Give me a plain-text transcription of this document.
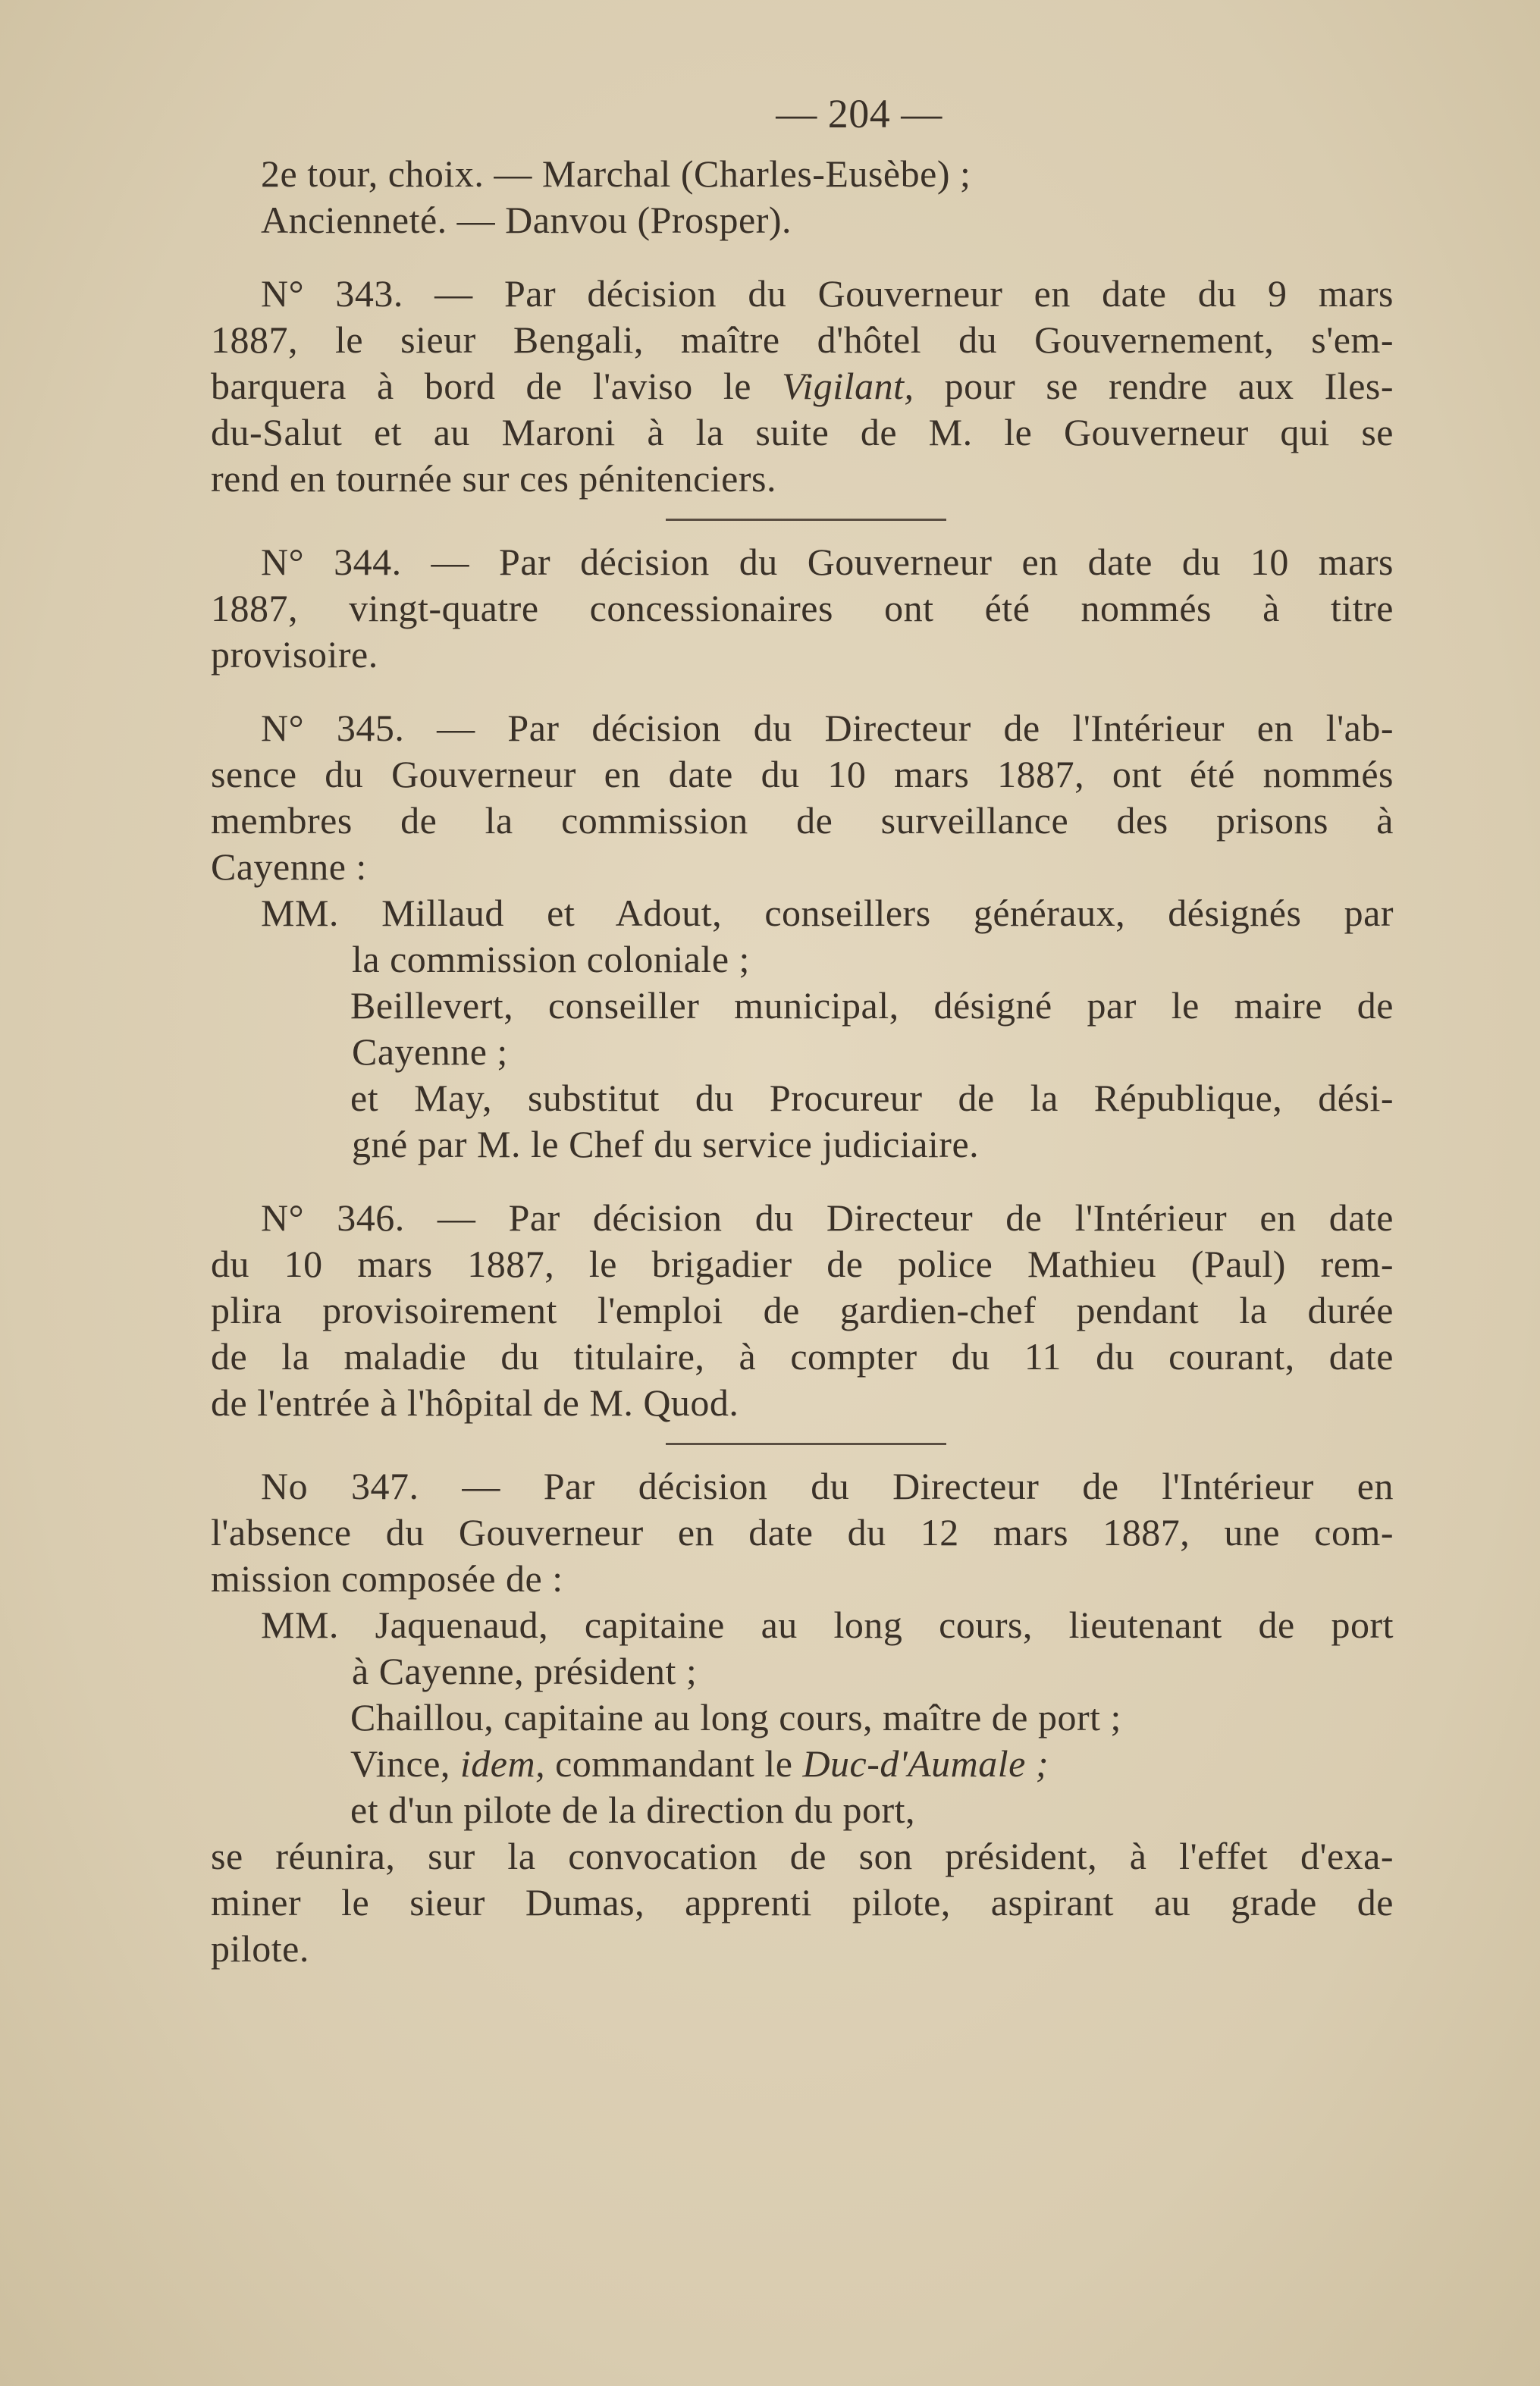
— 204 —
2e tour, choix. — Marchal (Charles-Eusèbe) ;
Ancienneté. — Danvou (Prosper).
N° 343. — Par décision du Gouverneur en date du 9 mars
1887, le sieur Bengali, maître d'hôtel du Gouvernement, s'em-
barquera à bord de l'aviso le Vigilant, pour se rendre aux Iles-
du-Salut et au Maroni à la suite de M. le Gouverneur qui se
rend en tournée sur ces pénitenciers.
N° 344. — Par décision du Gouverneur en date du 10 mars
1887, vingt-quatre concessionaires ont été nommés à titre
provisoire.
N° 345. — Par décision du Directeur de l'Intérieur en l'ab-
sence du Gouverneur en date du 10 mars 1887, ont été nommés
membres de la commission de surveillance des prisons à
Cayenne :
MM. Millaud et Adout, conseillers généraux, désignés par
la commission coloniale ;
Beillevert, conseiller municipal, désigné par le maire de
Cayenne ;
et May, substitut du Procureur de la République, dési-
gné par M. le Chef du service judiciaire.
N° 346. — Par décision du Directeur de l'Intérieur en date
du 10 mars 1887, le brigadier de police Mathieu (Paul) rem-
plira provisoirement l'emploi de gardien-chef pendant la durée
de la maladie du titulaire, à compter du 11 du courant, date
de l'entrée à l'hôpital de M. Quod.
No 347. — Par décision du Directeur de l'Intérieur en
l'absence du Gouverneur en date du 12 mars 1887, une com-
mission composée de :
MM. Jaquenaud, capitaine au long cours, lieutenant de port
à Cayenne, président ;
Chaillou, capitaine au long cours, maître de port ;
Vince, idem, commandant le Duc-d'Aumale ;
et d'un pilote de la direction du port,
se réunira, sur la convocation de son président, à l'effet d'exa-
miner le sieur Dumas, apprenti pilote, aspirant au grade de
pilote.
